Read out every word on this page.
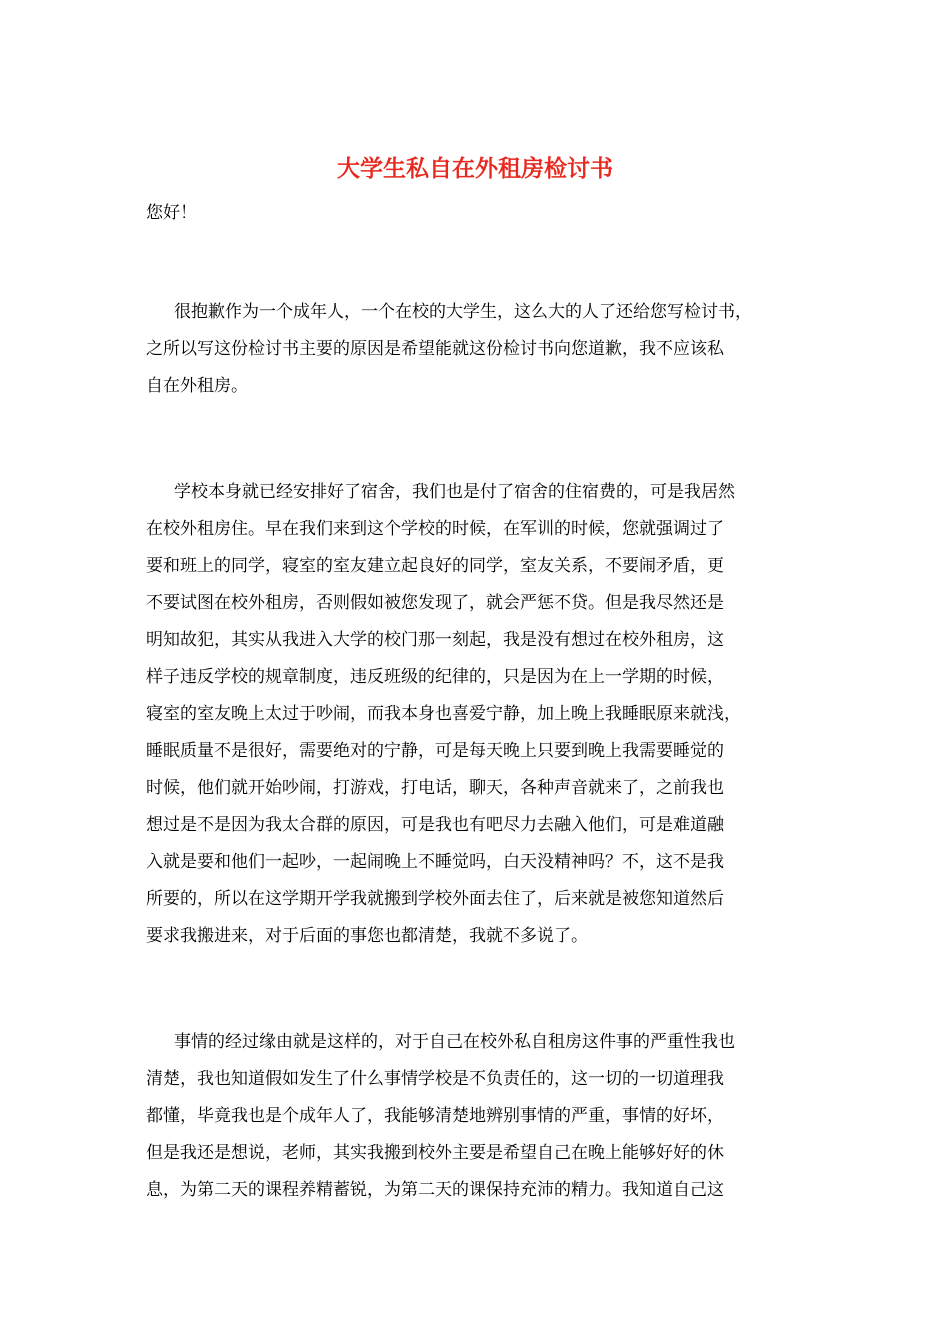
大学生私自在外租房检讨书
您好！
很抱歉作为一个成年人，一个在校的大学生，这么大的人了还给您写检讨书，
之所以写这份检讨书主要的原因是希望能就这份检讨书向您道歉，我不应该私
自在外租房。
学校本身就已经安排好了宿舍，我们也是付了宿舍的住宿费的，可是我居然
在校外租房住。早在我们来到这个学校的时候，在军训的时候，您就强调过了
要和班上的同学，寝室的室友建立起良好的同学，室友关系，不要闹矛盾，更
不要试图在校外租房，否则假如被您发现了，就会严惩不贷。但是我尽然还是
明知故犯，其实从我进入大学的校门那一刻起，我是没有想过在校外租房，这
样子违反学校的规章制度，违反班级的纪律的，只是因为在上一学期的时候，
寝室的室友晚上太过于吵闹，而我本身也喜爱宁静，加上晚上我睡眠原来就浅，
睡眠质量不是很好，需要绝对的宁静，可是每天晚上只要到晚上我需要睡觉的
时候，他们就开始吵闹，打游戏，打电话，聊天，各种声音就来了，之前我也
想过是不是因为我太合群的原因，可是我也有吧尽力去融入他们，可是难道融
入就是要和他们一起吵，一起闹晚上不睡觉吗，白天没精神吗？不，这不是我
所要的，所以在这学期开学我就搬到学校外面去住了，后来就是被您知道然后
要求我搬进来，对于后面的事您也都清楚，我就不多说了。
事情的经过缘由就是这样的，对于自己在校外私自租房这件事的严重性我也
清楚，我也知道假如发生了什么事情学校是不负责任的，这一切的一切道理我
都懂，毕竟我也是个成年人了，我能够清楚地辨别事情的严重，事情的好坏，
但是我还是想说，老师，其实我搬到校外主要是希望自己在晚上能够好好的休
息，为第二天的课程养精蓄锐，为第二天的课保持充沛的精力。我知道自己这
